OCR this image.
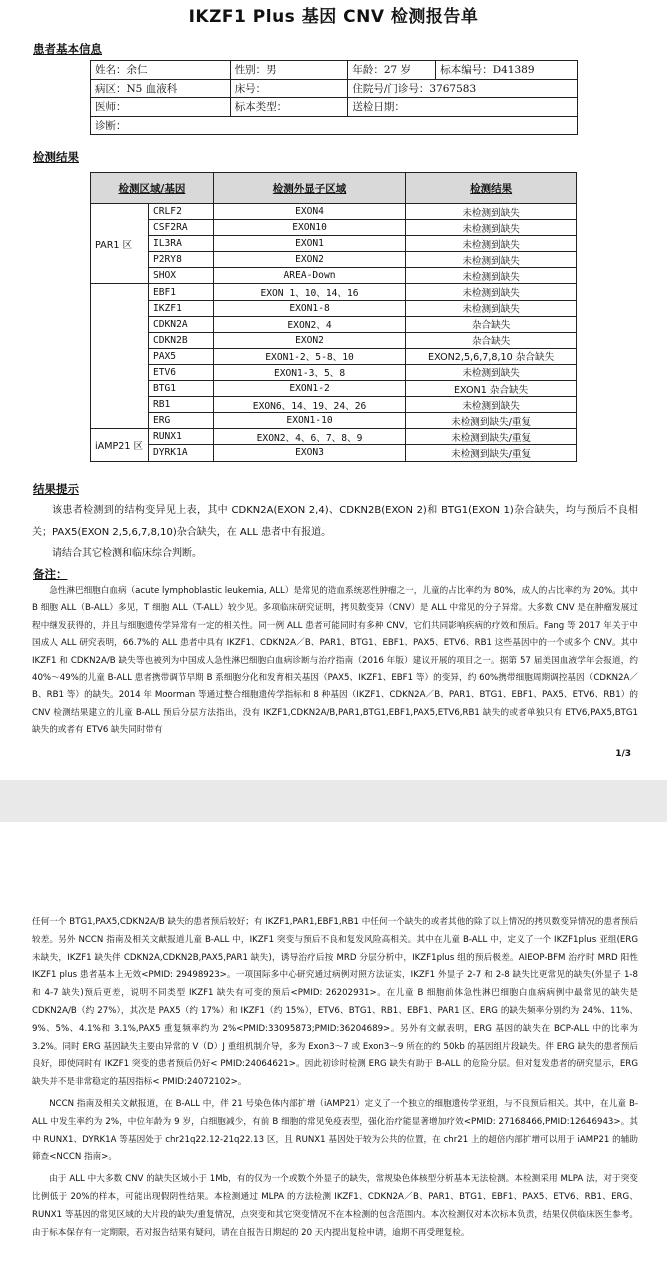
IKZF1 Plus 基因 CNV 检测报告单
患者基本信息
姓名：余仁	性别：男	年龄：27 岁	标本编号：D41389
病区：N5 血液科	床号：	住院号/门诊号：3767583	
医师：	标本类型：	送检日期：	
诊断：			
检测结果
检测区域/基因		检测外显子区域	检测结果
PAR1 区	CRLF2	EXON4	未检测到缺失
	CSF2RA	EXON10	未检测到缺失
	IL3RA	EXON1	未检测到缺失
	P2RY8	EXON2	未检测到缺失
	SHOX	AREA-Down	未检测到缺失
	EBF1	EXON 1、10、14、16	未检测到缺失
	IKZF1	EXON1-8	未检测到缺失
	CDKN2A	EXON2、4	杂合缺失
	CDKN2B	EXON2	杂合缺失
	PAX5	EXON1-2、5-8、10	EXON2,5,6,7,8,10 杂合缺失
	ETV6	EXON1-3、5、8	未检测到缺失
	BTG1	EXON1-2	EXON1 杂合缺失
	RB1	EXON6、14、19、24、26	未检测到缺失
	ERG	EXON1-10	未检测到缺失/重复
iAMP21 区	RUNX1	EXON2、4、6、7、8、9	未检测到缺失/重复
	DYRK1A	EXON3	未检测到缺失/重复
结果提示

该患者检测到的结构变异见上表，其中 CDKN2A(EXON 2,4)、CDKN2B(EXON 2)和 BTG1(EXON 1)杂合缺失，均与预后不良相关；PAX5(EXON 2,5,6,7,8,10)杂合缺失，在 ALL 患者中有报道。

请结合其它检测和临床综合判断。

备注：

急性淋巴细胞白血病（acute lymphoblastic leukemia, ALL）是常见的造血系统恶性肿瘤之一，儿童的占比率约为 80%，成人的占比率约为 20%。其中 B 细胞 ALL（B-ALL）多见，T 细胞 ALL（T-ALL）较少见。多项临床研究证明，拷贝数变异（CNV）是 ALL 中常见的分子异常。大多数 CNV 是在肿瘤发展过程中继发获得的，并且与细胞遗传学异常有一定的相关性。同一例 ALL 患者可能同时有多种 CNV，它们共同影响疾病的疗效和预后。Fang 等 2017 年关于中国成人 ALL 研究表明，66.7%的 ALL 患者中具有 IKZF1、CDKN2A／B、PAR1、BTG1、EBF1、PAX5、ETV6、RB1 这些基因中的一个或多个 CNV。其中 IKZF1 和 CDKN2A/B 缺失等也被列为中国成人急性淋巴细胞白血病诊断与治疗指南（2016 年版）建议开展的项目之一。据第 57 届美国血液学年会报道，约 40%～49%的儿童 B-ALL 患者携带调节早期 B 系细胞分化和发育相关基因（PAX5、IKZF1、EBF1 等）的变异，约 60%携带细胞周期调控基因（CDKN2A／B、RB1 等）的缺失。2014 年 Moorman 等通过整合细胞遗传学指标和 8 种基因（IKZF1、CDKN2A／B、PAR1、BTG1、EBF1、PAX5、ETV6、RB1）的 CNV 检测结果建立的儿童 B-ALL 预后分层方法指出，没有 IKZF1,CDKN2A/B,PAR1,BTG1,EBF1,PAX5,ETV6,RB1 缺失的或者单独只有 ETV6,PAX5,BTG1 缺失的或者有 ETV6 缺失同时带有

1/3

任何一个 BTG1,PAX5,CDKN2A/B 缺失的患者预后较好；有 IKZF1,PAR1,EBF1,RB1 中任何一个缺失的或者其他的除了以上情况的拷贝数变异情况的患者预后较差。另外 NCCN 指南及相关文献报道儿童 B-ALL 中，IKZF1 突变与预后不良和复发风险高相关。其中在儿童 B-ALL 中，定义了一个 IKZF1plus 亚组(ERG 未缺失，IKZF1 缺失伴 CDKN2A,CDKN2B,PAX5,PAR1 缺失)，诱导治疗后按 MRD 分层分析中，IKZF1plus 组的预后极差。AIEOP-BFM 治疗时 MRD 阳性 IKZF1 plus 患者基本上无效<PMID: 29498923>。一项国际多中心研究通过病例对照方法证实，IKZF1 外显子 2-7 和 2-8 缺失比更常见的缺失(外显子 1-8 和 4-7 缺失)预后更差，说明不同类型 IKZF1 缺失有可变的预后<PMID: 26202931>。在儿童 B 细胞前体急性淋巴细胞白血病病例中最常见的缺失是 CDKN2A/B（约 27%），其次是 PAX5（约 17%）和 IKZF1（约 15%），ETV6、BTG1、RB1、EBF1、PAR1 区、ERG 的缺失频率分别约为 24%、11%、9%、5%、4.1%和 3.1%,PAX5 重复频率约为 2%<PMID:33095873;PMID:36204689>。另外有文献表明，ERG 基因的缺失在 BCP-ALL 中的比率为 3.2%。同时 ERG 基因缺失主要由异常的 V（D）J 重组机制介导，多为 Exon3～7 或 Exon3～9 所在的约 50kb 的基因组片段缺失。伴 ERG 缺失的患者预后良好，即使同时有 IKZF1 突变的患者预后仍好< PMID:24064621>。因此初诊时检测 ERG 缺失有助于 B-ALL 的危险分层。但对复发患者的研究显示，ERG 缺失并不是非常稳定的基因指标< PMID:24072102>。

NCCN 指南及相关文献报道，在 B-ALL 中，伴 21 号染色体内部扩增（iAMP21）定义了一个独立的细胞遗传学亚组，与不良预后相关。其中，在儿童 B-ALL 中发生率约为 2%，中位年龄为 9 岁，白细胞减少，有前 B 细胞的常见免疫表型，强化治疗能显著增加疗效<PMID: 27168466,PMID:12646943>。其中 RUNX1、DYRK1A 等基因处于 chr21q22.12-21q22.13 区，且 RUNX1 基因处于较为公共的位置，在 chr21 上的超倍内部扩增可以用于 iAMP21 的辅助筛查<NCCN 指南>。

由于 ALL 中大多数 CNV 的缺失区域小于 1Mb，有的仅为一个或数个外显子的缺失，常规染色体核型分析基本无法检测。本检测采用 MLPA 法，对于突变比例低于 20%的样本，可能出现假阴性结果。本检测通过 MLPA 的方法检测 IKZF1、CDKN2A／B、PAR1、BTG1、EBF1、PAX5、ETV6、RB1、ERG、RUNX1 等基因的常见区域的大片段的缺失/重复情况，点突变和其它突变情况不在本检测的包含范围内。本次检测仅对本次标本负责，结果仅供临床医生参考。由于标本保存有一定期限，若对报告结果有疑问，请在自报告日期起的 20 天内提出复检申请，逾期不再受理复检。
